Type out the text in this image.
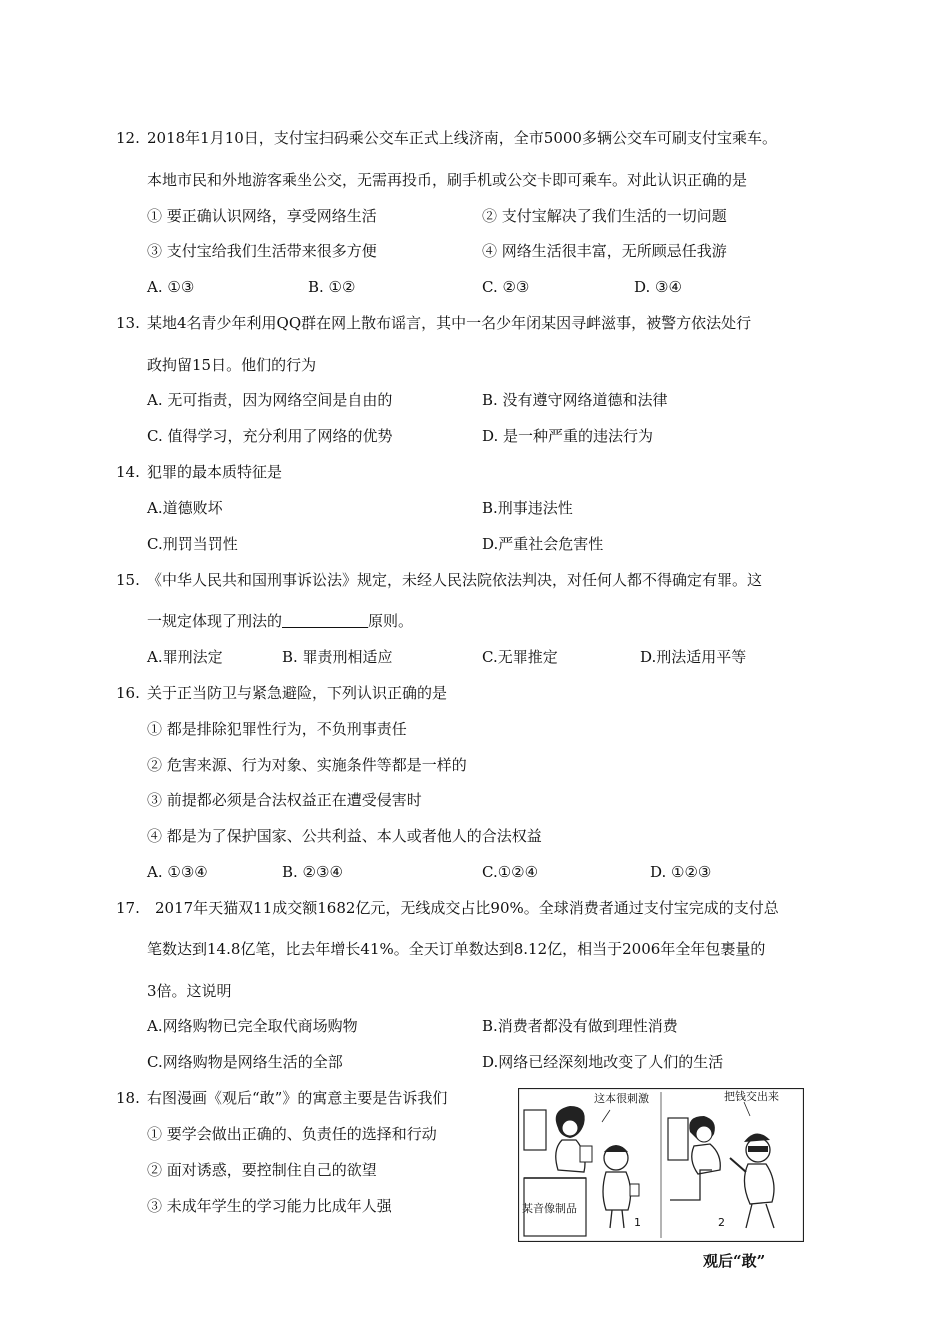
12. 2018年1月10日，支付宝扫码乘公交车正式上线济南，全市5000多辆公交车可刷支付宝乘车。
本地市民和外地游客乘坐公交，无需再投币，刷手机或公交卡即可乘车。对此认识正确的是
① 要正确认识网络，享受网络生活	② 支付宝解决了我们生活的一切问题
③ 支付宝给我们生活带来很多方便	④ 网络生活很丰富，无所顾忌任我游
A. ①③	B. ①②	C. ②③	D. ③④
13. 某地4名青少年利用QQ群在网上散布谣言，其中一名少年闭某因寻衅滋事，被警方依法处行
政拘留15日。他们的行为
A. 无可指责，因为网络空间是自由的	B. 没有遵守网络道德和法律
C. 值得学习，充分利用了网络的优势	D. 是一种严重的违法行为
14. 犯罪的最本质特征是
A.道德败坏	B.刑事违法性
C.刑罚当罚性	D.严重社会危害性
15. 《中华人民共和国刑事诉讼法》规定，未经人民法院依法判决，对任何人都不得确定有罪。这
一规定体现了刑法的	原则。
A.罪刑法定	B. 罪责刑相适应	C.无罪推定	D.刑法适用平等
16. 关于正当防卫与紧急避险，下列认识正确的是
① 都是排除犯罪性行为，不负刑事责任
② 危害来源、行为对象、实施条件等都是一样的
③ 前提都必须是合法权益正在遭受侵害时
④ 都是为了保护国家、公共利益、本人或者他人的合法权益
A. ①③④	B. ②③④	C.①②④	D. ①②③
17. 2017年天猫双11成交额1682亿元，无线成交占比90%。全球消费者通过支付宝完成的支付总
笔数达到14.8亿笔，比去年增长41%。全天订单数达到8.12亿，相当于2006年全年包裹量的
3倍。这说明
A.网络购物已完全取代商场购物	B.消费者都没有做到理性消费
C.网络购物是网络生活的全部	D.网络已经深刻地改变了人们的生活
18. 右图漫画《观后“敢”》的寓意主要是告诉我们
① 要学会做出正确的、负责任的选择和行动
② 面对诱惑，要控制住自己的欲望
③ 未成年学生的学习能力比成年人强
这本很刺激	把钱交出来
某音像制品
1	2
观后“敢”
